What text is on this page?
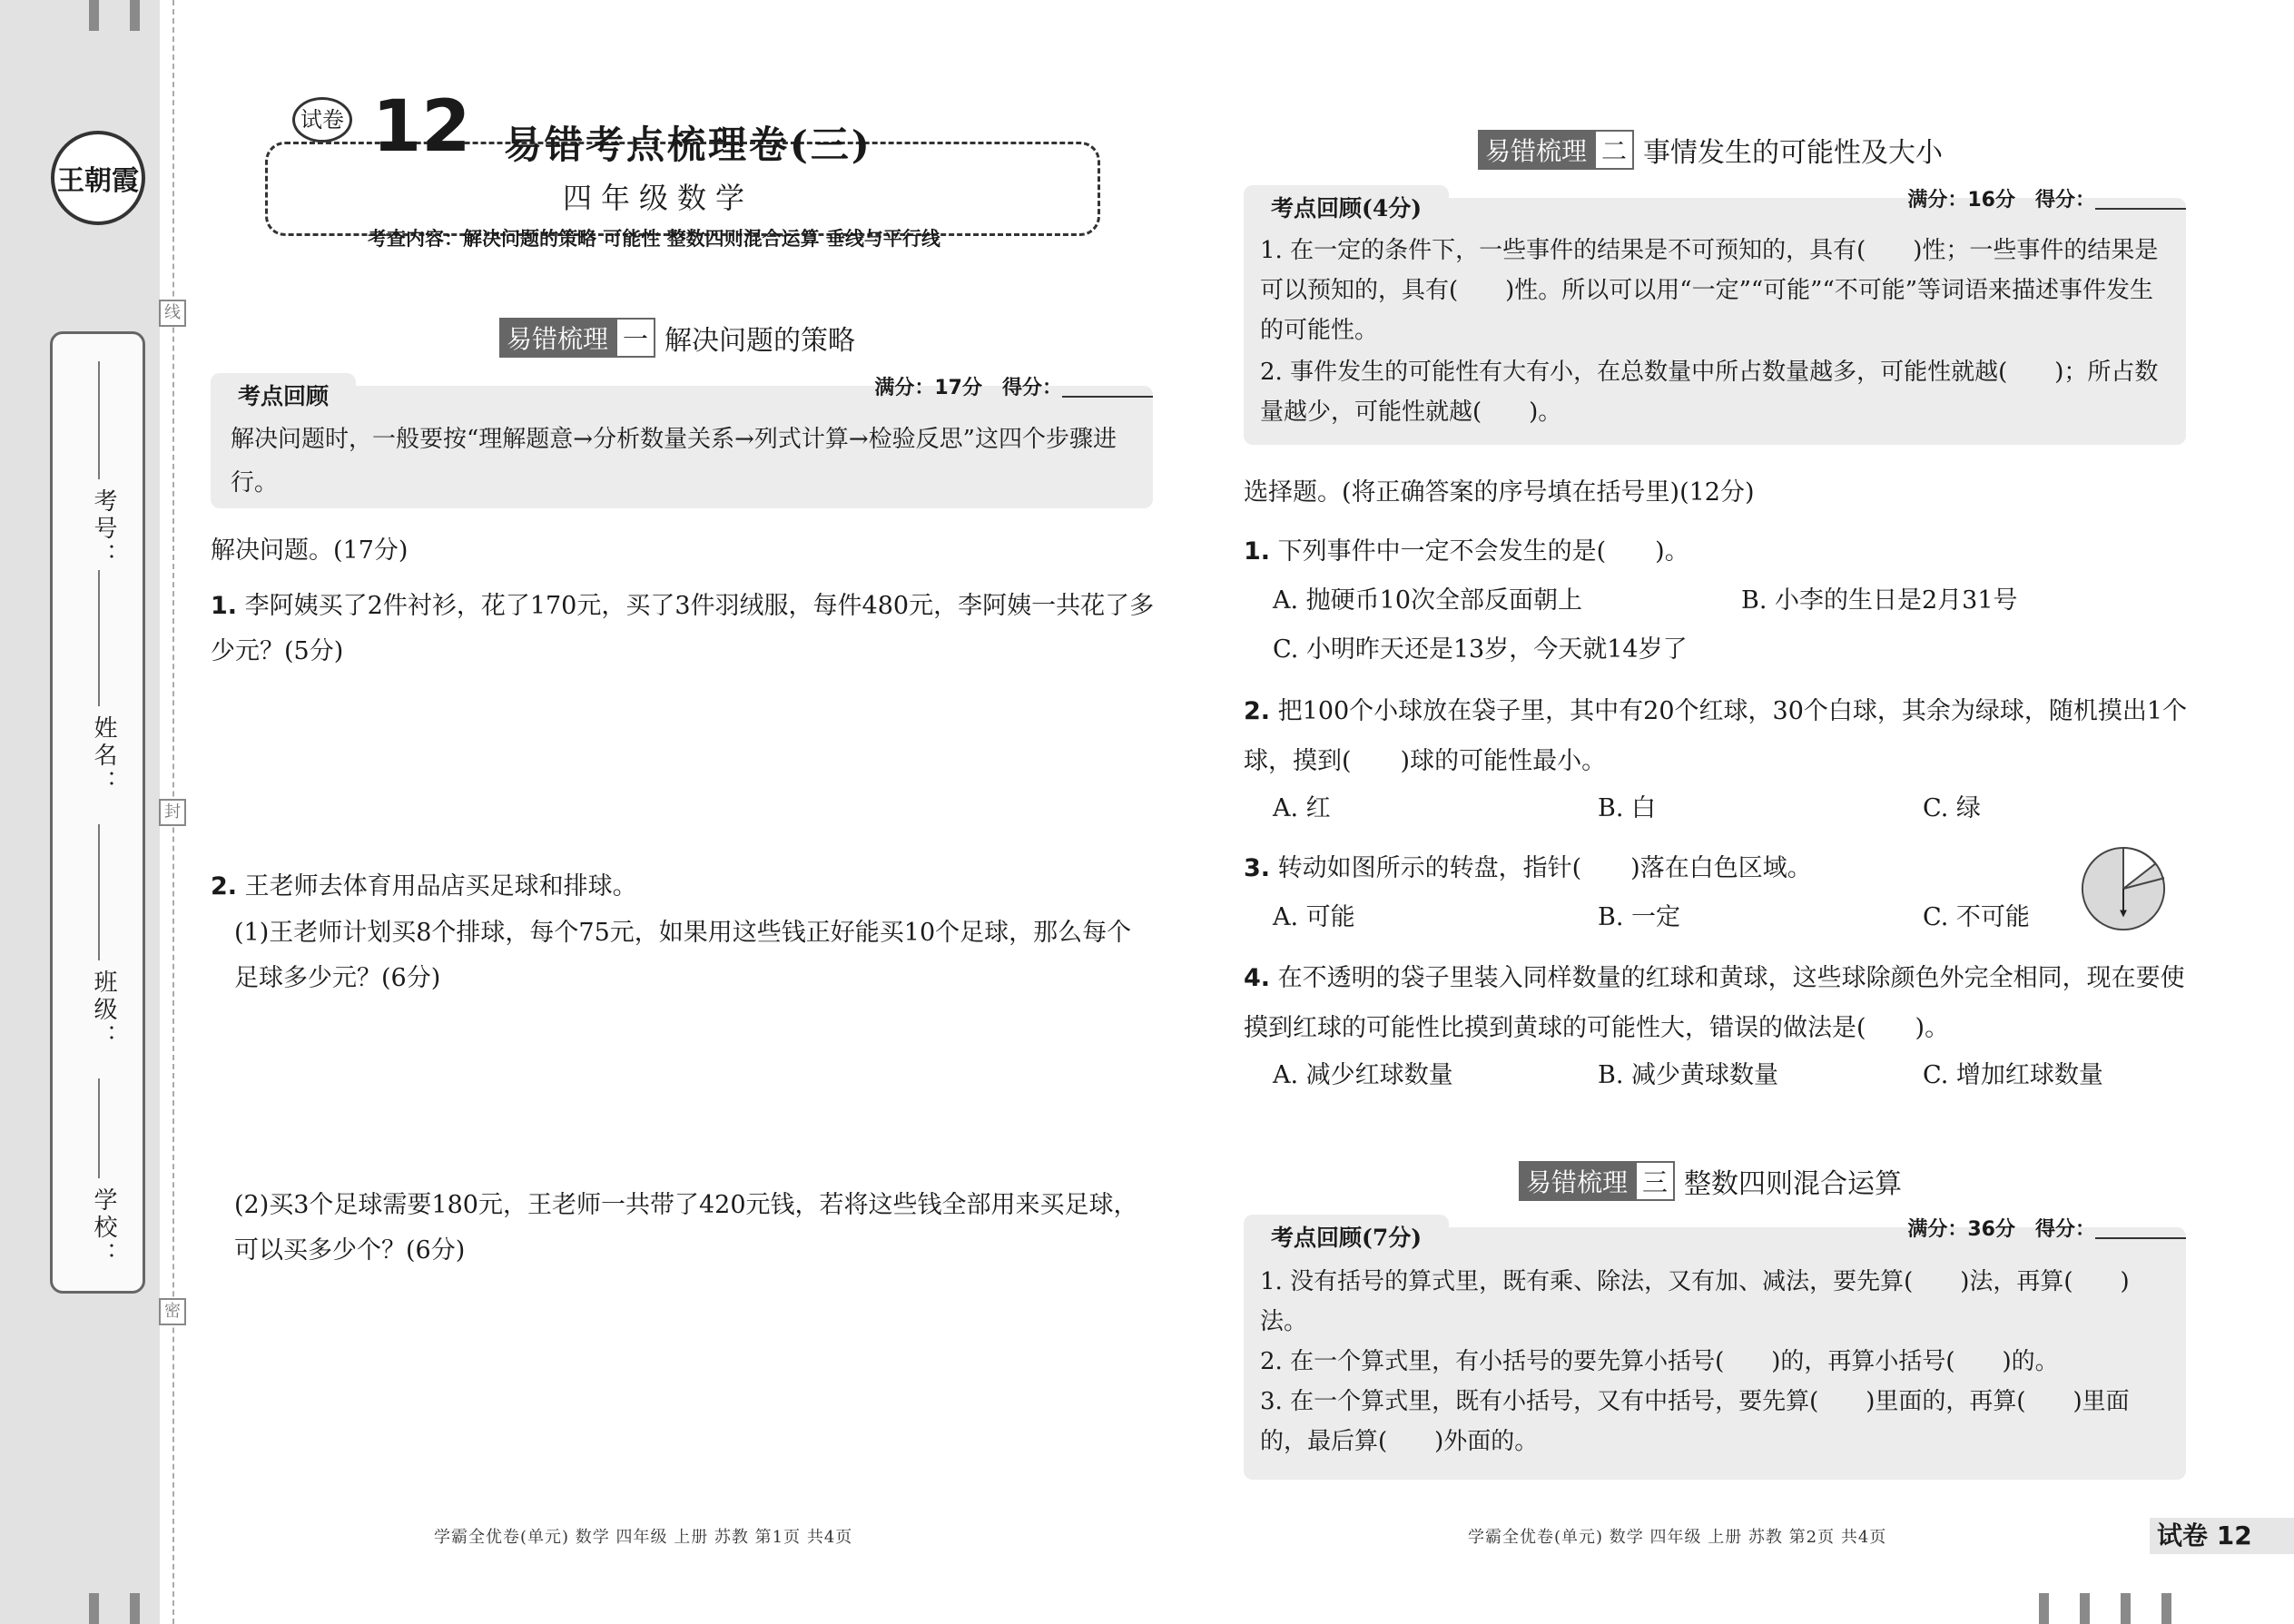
王朝霞
考号：
姓名：
班级：
学校：
线
封
密
试卷 12 易错考点梳理卷(三)
四年级数学
考查内容：解决问题的策略 可能性 整数四则混合运算 垂线与平行线
易错梳理 一 解决问题的策略
考点回顾	满分：17分　 得分：
解决问题时，一般要按“理解题意→分析数量关系→列式计算→检验反思”这四个步骤进行。
解决问题。(17分)
1. 李阿姨买了2件衬衫，花了170元，买了3件羽绒服，每件480元，李阿姨一共花了多少元？(5分)
2. 王老师去体育用品店买足球和排球。
(1)王老师计划买8个排球，每个75元，如果用这些钱正好能买10个足球，那么每个足球多少元？(6分)
(2)买3个足球需要180元，王老师一共带了420元钱，若将这些钱全部用来买足球，可以买多少个？(6分)
易错梳理 二 事情发生的可能性及大小
考点回顾(4分)	满分：16分　 得分：
1. 在一定的条件下，一些事件的结果是不可预知的，具有(　　)性；一些事件的结果是可以预知的，具有(　　)性。所以可以用“一定”“可能”“不可能”等词语来描述事件发生的可能性。
2. 事件发生的可能性有大有小，在总数量中所占数量越多，可能性就越(　　)；所占数量越少，可能性就越(　　)。
选择题。(将正确答案的序号填在括号里)(12分)
1. 下列事件中一定不会发生的是(　　)。
A. 抛硬币10次全部反面朝上	B. 小李的生日是2月31号
C. 小明昨天还是13岁，今天就14岁了
2. 把100个小球放在袋子里，其中有20个红球，30个白球，其余为绿球，随机摸出1个球，摸到(　　)球的可能性最小。
A. 红	B. 白	C. 绿
3. 转动如图所示的转盘，指针(　　)落在白色区域。
A. 可能	B. 一定	C. 不可能
4. 在不透明的袋子里装入同样数量的红球和黄球，这些球除颜色外完全相同，现在要使摸到红球的可能性比摸到黄球的可能性大，错误的做法是(　　)。
A. 减少红球数量	B. 减少黄球数量	C. 增加红球数量
易错梳理 三 整数四则混合运算
考点回顾(7分)	满分：36分　 得分：
1. 没有括号的算式里，既有乘、除法，又有加、减法，要先算(　　)法，再算(　　)法。
2. 在一个算式里，有小括号的要先算小括号(　　)的，再算小括号(　　)的。
3. 在一个算式里，既有小括号，又有中括号，要先算(　　)里面的，再算(　　)里面的，最后算(　　)外面的。
学霸全优卷(单元) 数学 四年级 上册 苏教 第1页 共4页	学霸全优卷(单元) 数学 四年级 上册 苏教 第2页 共4页	试卷 12
